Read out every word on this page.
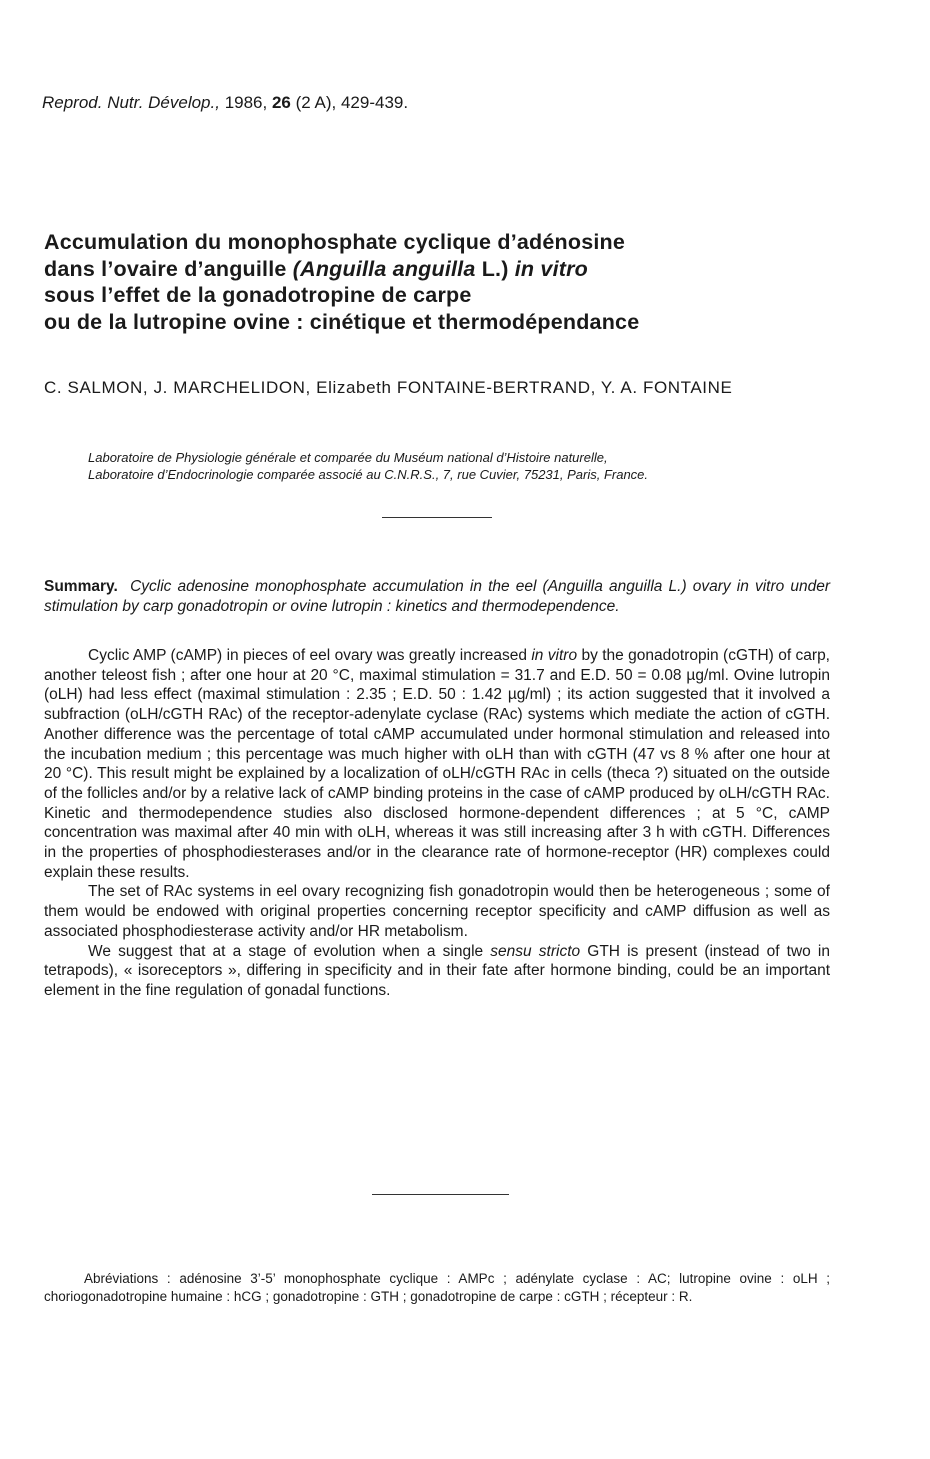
Reprod. Nutr. Dévelop., 1986, 26 (2 A), 429-439.
Accumulation du monophosphate cyclique d’adénosine
dans l’ovaire d’anguille (Anguilla anguilla L.) in vitro
sous l’effet de la gonadotropine de carpe
ou de la lutropine ovine : cinétique et thermodépendance
C. SALMON, J. MARCHELIDON, Elizabeth FONTAINE-BERTRAND, Y. A. FONTAINE
Laboratoire de Physiologie générale et comparée du Muséum national d’Histoire naturelle,
Laboratoire d’Endocrinologie comparée associé au C.N.R.S., 7, rue Cuvier, 75231, Paris, France.
Summary. Cyclic adenosine monophosphate accumulation in the eel (Anguilla anguilla L.) ovary in vitro under stimulation by carp gonadotropin or ovine lutropin : kinetics and thermodependence.

Cyclic AMP (cAMP) in pieces of eel ovary was greatly increased in vitro by the gonadotropin (cGTH) of carp, another teleost fish ; after one hour at 20 °C, maximal stimulation = 31.7 and E.D. 50 = 0.08 µg/ml. Ovine lutropin (oLH) had less effect (maximal stimulation : 2.35 ; E.D. 50 : 1.42 µg/ml) ; its action suggested that it involved a subfraction (oLH/cGTH RAc) of the receptor-adenylate cyclase (RAc) systems which mediate the action of cGTH. Another difference was the percentage of total cAMP accumulated under hormonal stimulation and released into the incubation medium ; this percentage was much higher with oLH than with cGTH (47 vs 8 % after one hour at 20 °C). This result might be explained by a localization of oLH/cGTH RAc in cells (theca ?) situated on the outside of the follicles and/or by a relative lack of cAMP binding proteins in the case of cAMP produced by oLH/cGTH RAc. Kinetic and thermodependence studies also disclosed hormone-dependent differences ; at 5 °C, cAMP concentration was maximal after 40 min with oLH, whereas it was still increasing after 3 h with cGTH. Differences in the properties of phosphodiesterases and/or in the clearance rate of hormone-receptor (HR) complexes could explain these results.

The set of RAc systems in eel ovary recognizing fish gonadotropin would then be heterogeneous ; some of them would be endowed with original properties concerning receptor specificity and cAMP diffusion as well as associated phosphodiesterase activity and/or HR metabolism.

We suggest that at a stage of evolution when a single sensu stricto GTH is present (instead of two in tetrapods), « isoreceptors », differing in specificity and in their fate after hormone binding, could be an important element in the fine regulation of gonadal functions.

Abréviations : adénosine 3’-5’ monophosphate cyclique : AMPc ; adénylate cyclase : AC; lutropine ovine : oLH ; choriogonadotropine humaine : hCG ; gonadotropine : GTH ; gonadotropine de carpe : cGTH ; récepteur : R.
